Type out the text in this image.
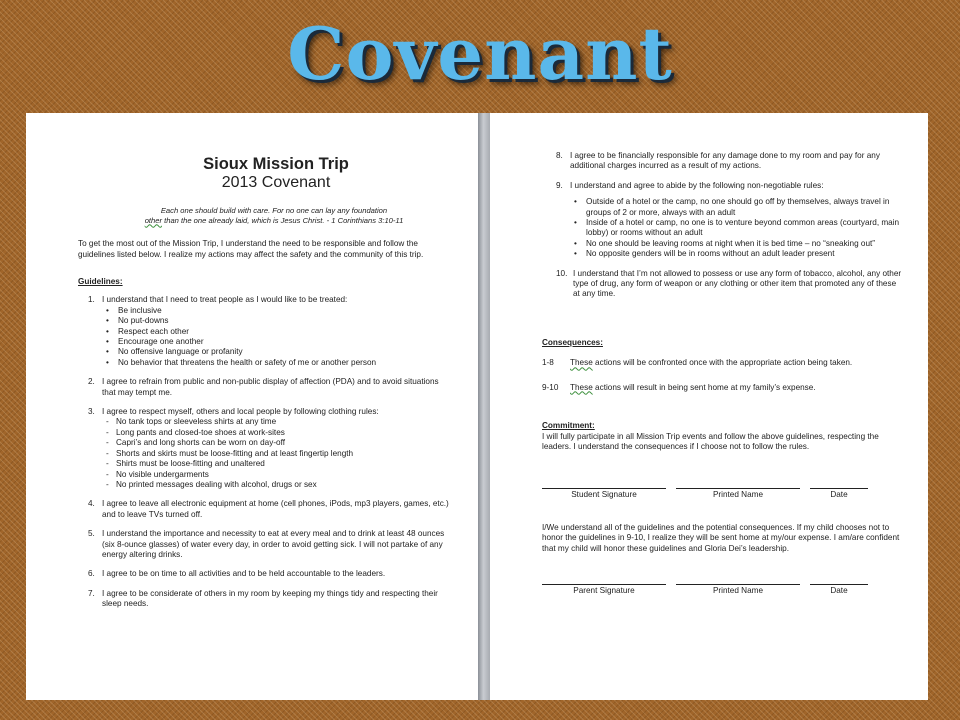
Covenant
Sioux Mission Trip
2013 Covenant
Each one should build with care. For no one can lay any foundation
other than the one already laid, which is Jesus Christ. - 1 Corinthians 3:10-11
To get the most out of the Mission Trip, I understand the need to be responsible and follow the guidelines listed below. I realize my actions may affect the safety and the community of this trip.
Guidelines:
1. I understand that I need to treat people as I would like to be treated:
• Be inclusive
• No put-downs
• Respect each other
• Encourage one another
• No offensive language or profanity
• No behavior that threatens the health or safety of me or another person
2. I agree to refrain from public and non-public display of affection (PDA) and to avoid situations that may tempt me.
3. I agree to respect myself, others and local people by following clothing rules:
- No tank tops or sleeveless shirts at any time
- Long pants and closed-toe shoes at work-sites
- Capri’s and long shorts can be worn on day-off
- Shorts and skirts must be loose-fitting and at least fingertip length
- Shirts must be loose-fitting and unaltered
- No visible undergarments
- No printed messages dealing with alcohol, drugs or sex
4. I agree to leave all electronic equipment at home (cell phones, iPods, mp3 players, games, etc.) and to leave TVs turned off.
5. I understand the importance and necessity to eat at every meal and to drink at least 48 ounces (six 8-ounce glasses) of water every day, in order to avoid getting sick. I will not partake of any energy altering drinks.
6. I agree to be on time to all activities and to be held accountable to the leaders.
7. I agree to be considerate of others in my room by keeping my things tidy and respecting their sleep needs.
8. I agree to be financially responsible for any damage done to my room and pay for any additional charges incurred as a result of my actions.
9. I understand and agree to abide by the following non-negotiable rules:
• Outside of a hotel or the camp, no one should go off by themselves, always travel in groups of 2 or more, always with an adult
• Inside of a hotel or camp, no one is to venture beyond common areas (courtyard, main lobby) or rooms without an adult
• No one should be leaving rooms at night when it is bed time – no “sneaking out”
• No opposite genders will be in rooms without an adult leader present
10. I understand that I’m not allowed to possess or use any form of tobacco, alcohol, any other type of drug, any form of weapon or any clothing or other item that promoted any of these at any time.
Consequences:
1-8	These actions will be confronted once with the appropriate action being taken.
9-10	These actions will result in being sent home at my family’s expense.
Commitment:
I will fully participate in all Mission Trip events and follow the above guidelines, respecting the leaders. I understand the consequences if I choose not to follow the rules.
Student Signature	Printed Name	Date
I/We understand all of the guidelines and the potential consequences. If my child chooses not to honor the guidelines in 9-10, I realize they will be sent home at my/our expense. I am/are confident that my child will honor these guidelines and Gloria Dei’s leadership.
Parent Signature	Printed Name	Date
